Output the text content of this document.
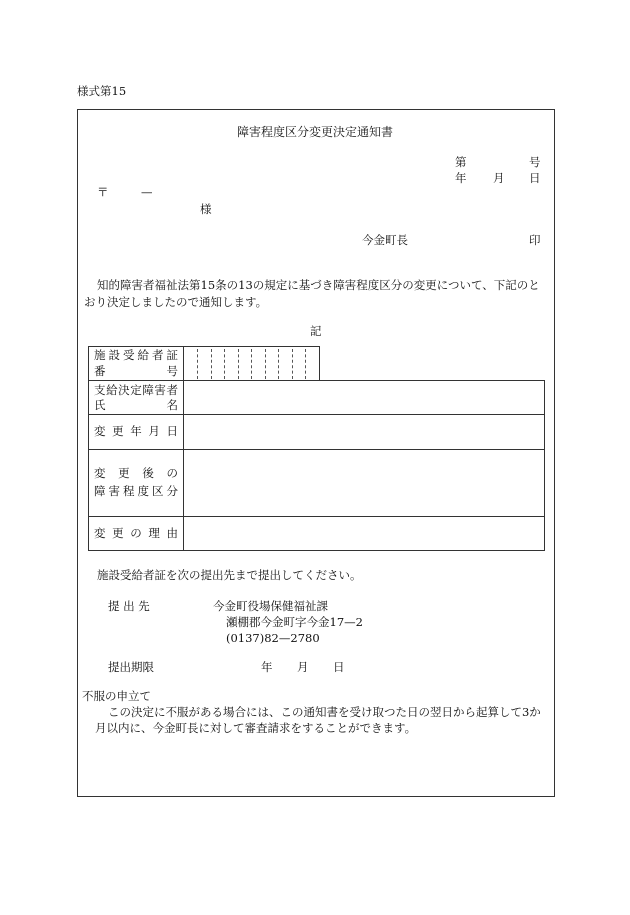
様式第15
障害程度区分変更決定通知書
第	号
年 月 日
〒	—
様
今金町長	印
知的障害者福祉法第15条の13の規定に基づき障害程度区分の変更について、下記のと
おり決定しましたので通知します。
記
施 設 受 給 者 証
番	号
支 給 決 定 障 害 者
氏	名
変 更 年 月 日
変 更 後 の
障 害 程 度 区 分
変 更 の 理 由
施設受給者証を次の提出先まで提出してください。
提 出 先	今金町役場保健福祉課
瀬棚郡今金町字今金17—2
(0137)82—2780
提出期限	年 月 日
不服の申立て
この決定に不服がある場合には、この通知書を受け取つた日の翌日から起算して3か
月以内に、今金町長に対して審査請求をすることができます。
